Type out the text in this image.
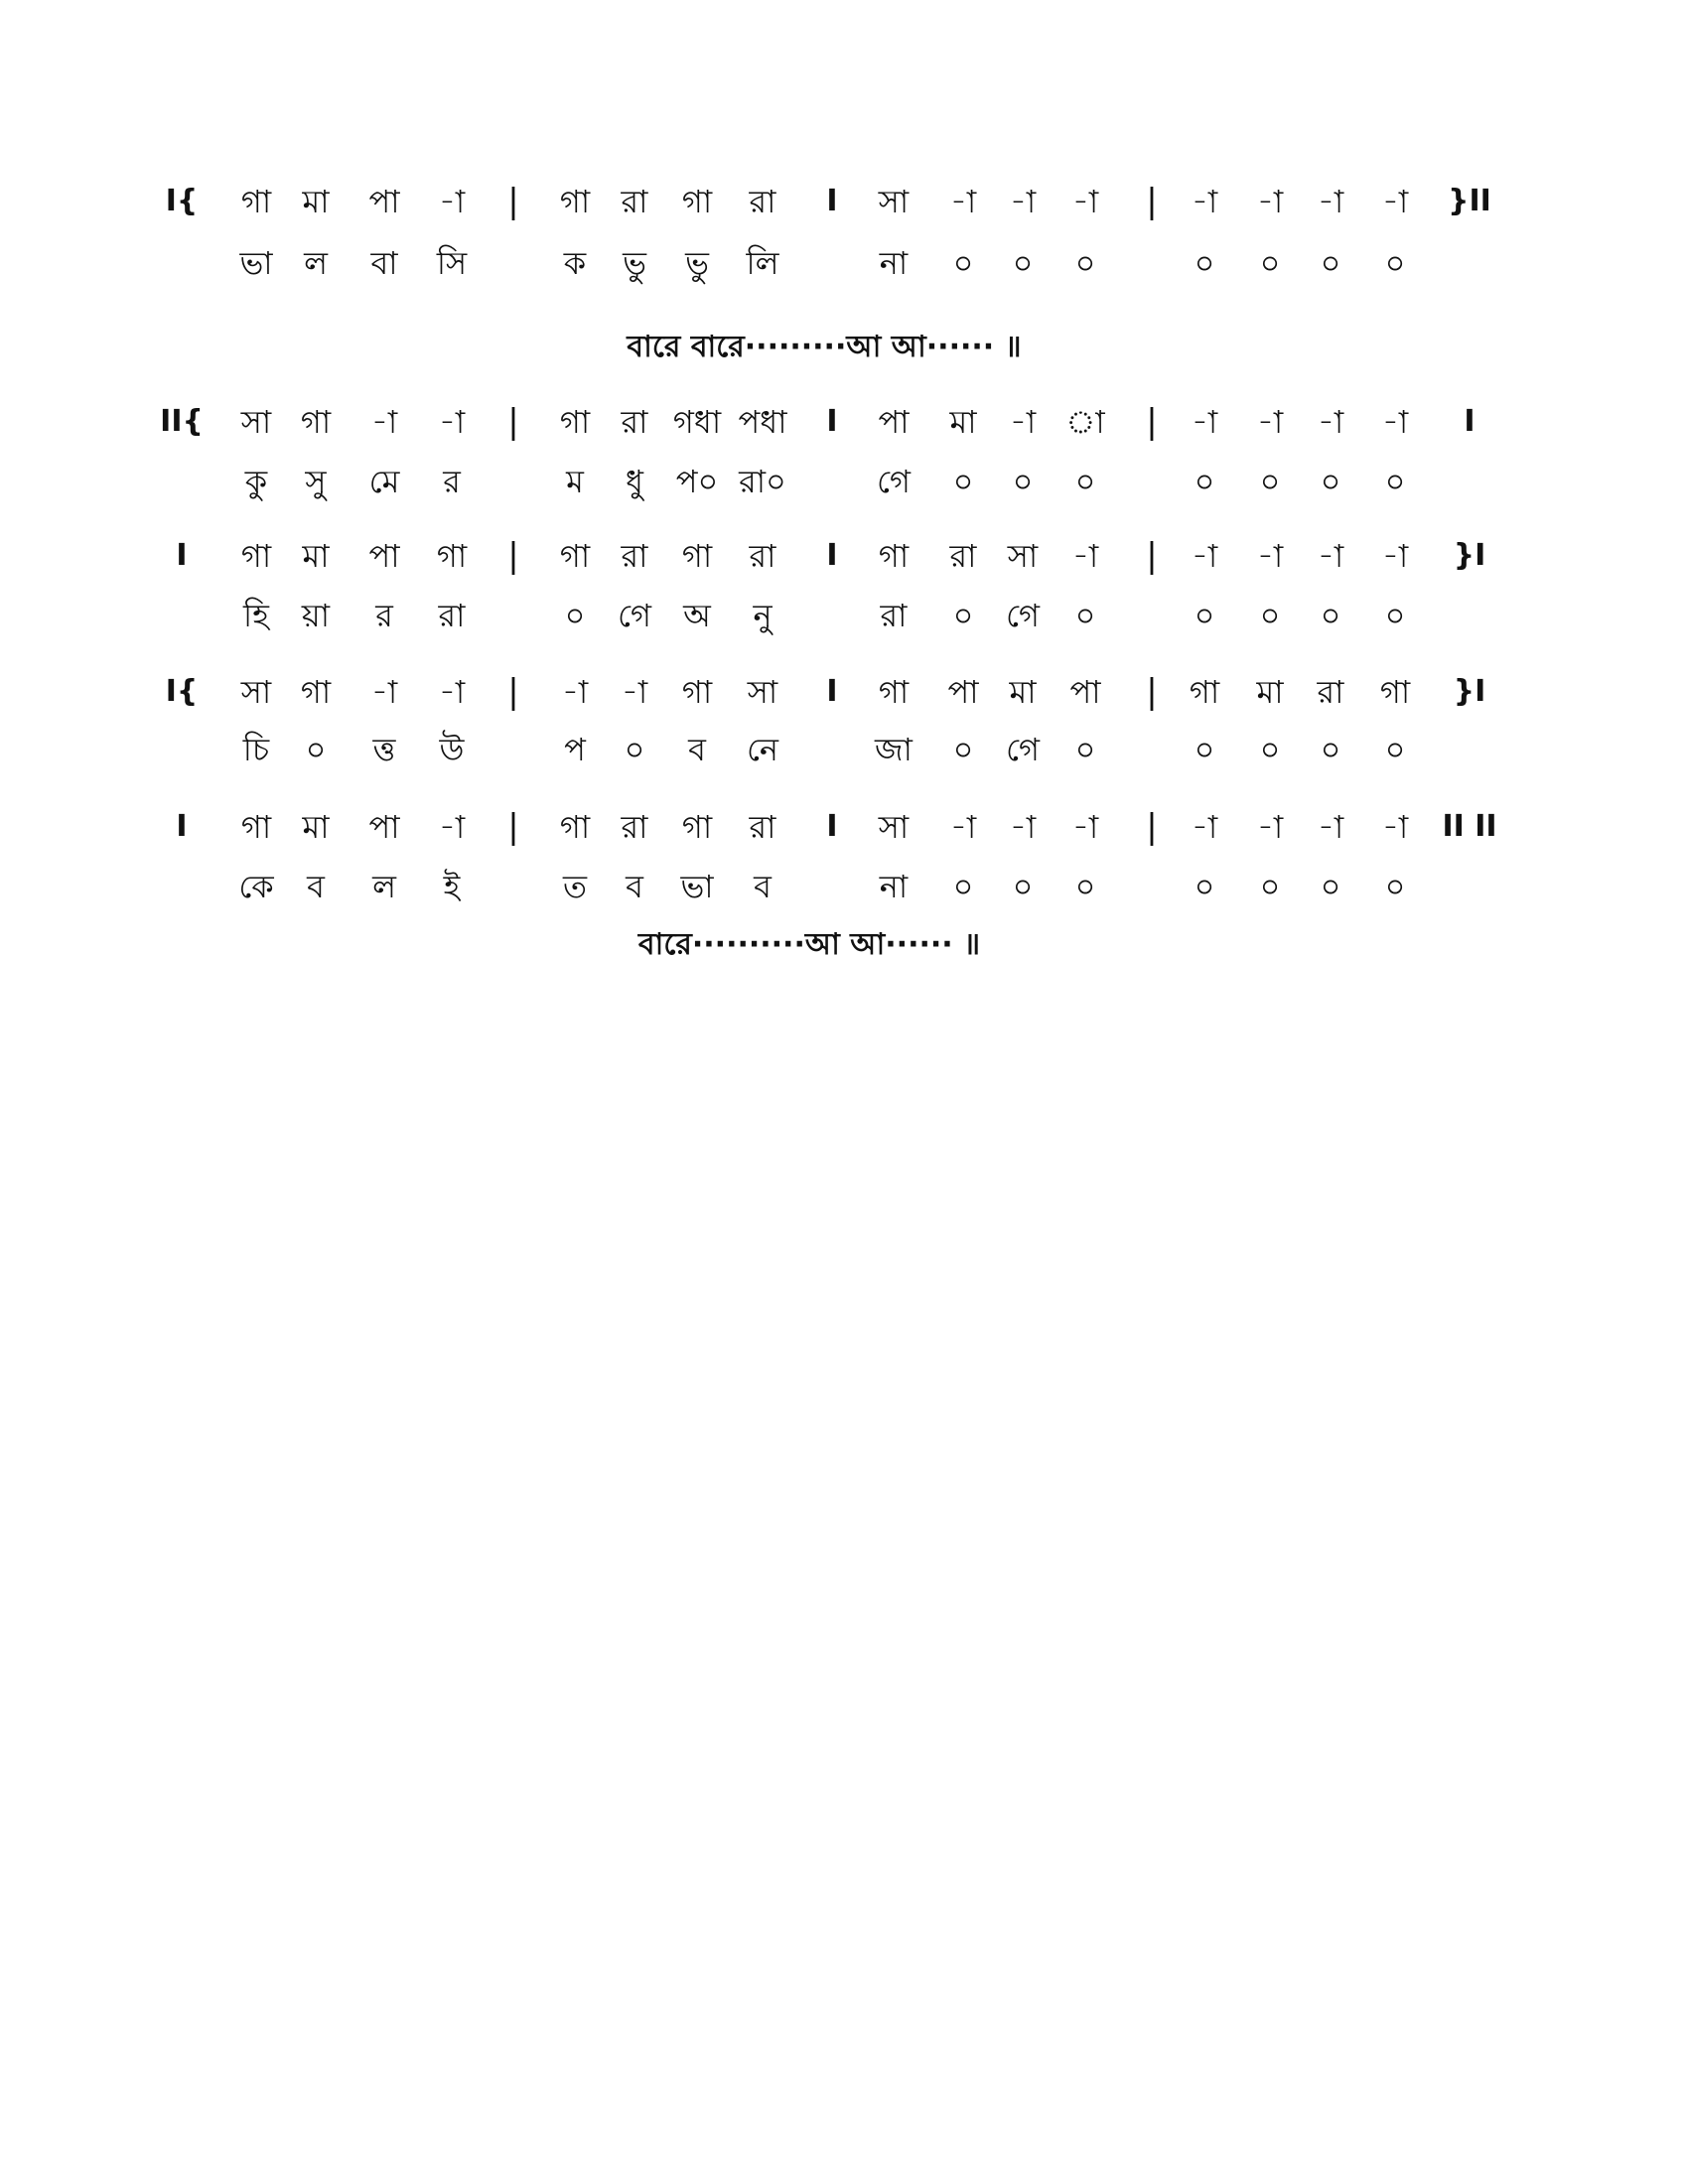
I{ গা মা পা -া | গা রা গা রা I সা -া -া -া | -া -া -া -া }II
ভা ল বা সি	ক ভু ভু লি	না ০ ০ ০	০ ০ ০ ০
II{ সা গা -া -া | গা রা গধা পধা I পা মা -া া | -া -া -া -া I
কু সু মে র	ম ধু প০ রা০	গে ০ ০ ০	০ ০ ০ ০
I গা মা পা গা | গা রা গা রা I গা রা সা -া | -া -া -া -া }I
হি য়া র রা	০ গে অ নু	রা ০ গে ০	০ ০ ০ ০
I{ সা গা -া -া | -া -া গা সা I গা পা মা পা | গা মা রা গা }I
চি ০ ত্ত উ	প ০ ব নে	জা ০ গে ০	০ ০ ০ ০
I গা মা পা -া | গা রা গা রা I সা -া -া -া | -া -া -া -া II II
কে ব ল ই	ত ব ভা ব	না ০ ০ ০	০ ০ ০ ০
বারে বারে·········আ আ······ ॥
বারে··········আ আ······ ॥
